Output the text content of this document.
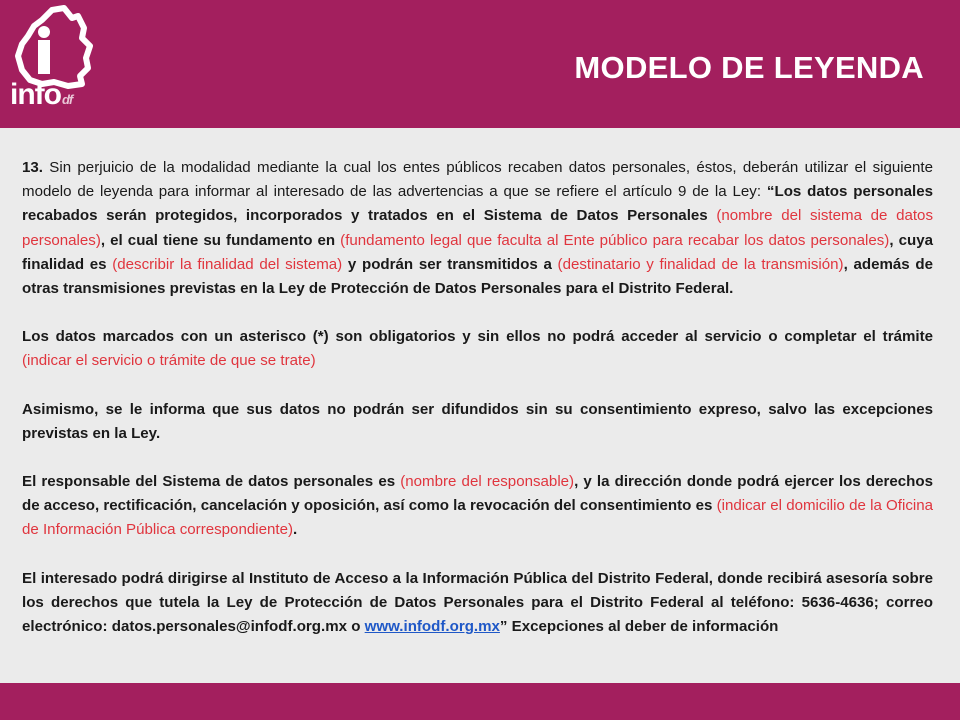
infodf
MODELO DE LEYENDA

13. Sin perjuicio de la modalidad mediante la cual los entes públicos recaben datos personales, éstos, deberán utilizar el siguiente modelo de leyenda para informar al interesado de las advertencias a que se refiere el artículo 9 de la Ley: “Los datos personales recabados serán protegidos, incorporados y tratados en el Sistema de Datos Personales (nombre del sistema de datos personales), el cual tiene su fundamento en (fundamento legal que faculta al Ente público para recabar los datos personales), cuya finalidad es (describir la finalidad del sistema) y podrán ser transmitidos a (destinatario y finalidad de la transmisión), además de otras transmisiones previstas en la Ley de Protección de Datos Personales para el Distrito Federal.

Los datos marcados con un asterisco (*) son obligatorios y sin ellos no podrá acceder al servicio o completar el trámite (indicar el servicio o trámite de que se trate)

Asimismo, se le informa que sus datos no podrán ser difundidos sin su consentimiento expreso, salvo las excepciones previstas en la Ley.

El responsable del Sistema de datos personales es (nombre del responsable), y la dirección donde podrá ejercer los derechos de acceso, rectificación, cancelación y oposición, así como la revocación del consentimiento es (indicar el domicilio de la Oficina de Información Pública correspondiente).

El interesado podrá dirigirse al Instituto de Acceso a la Información Pública del Distrito Federal, donde recibirá asesoría sobre los derechos que tutela la Ley de Protección de Datos Personales para el Distrito Federal al teléfono: 5636-4636; correo electrónico: datos.personales@infodf.org.mx o www.infodf.org.mx” Excepciones al deber de información
